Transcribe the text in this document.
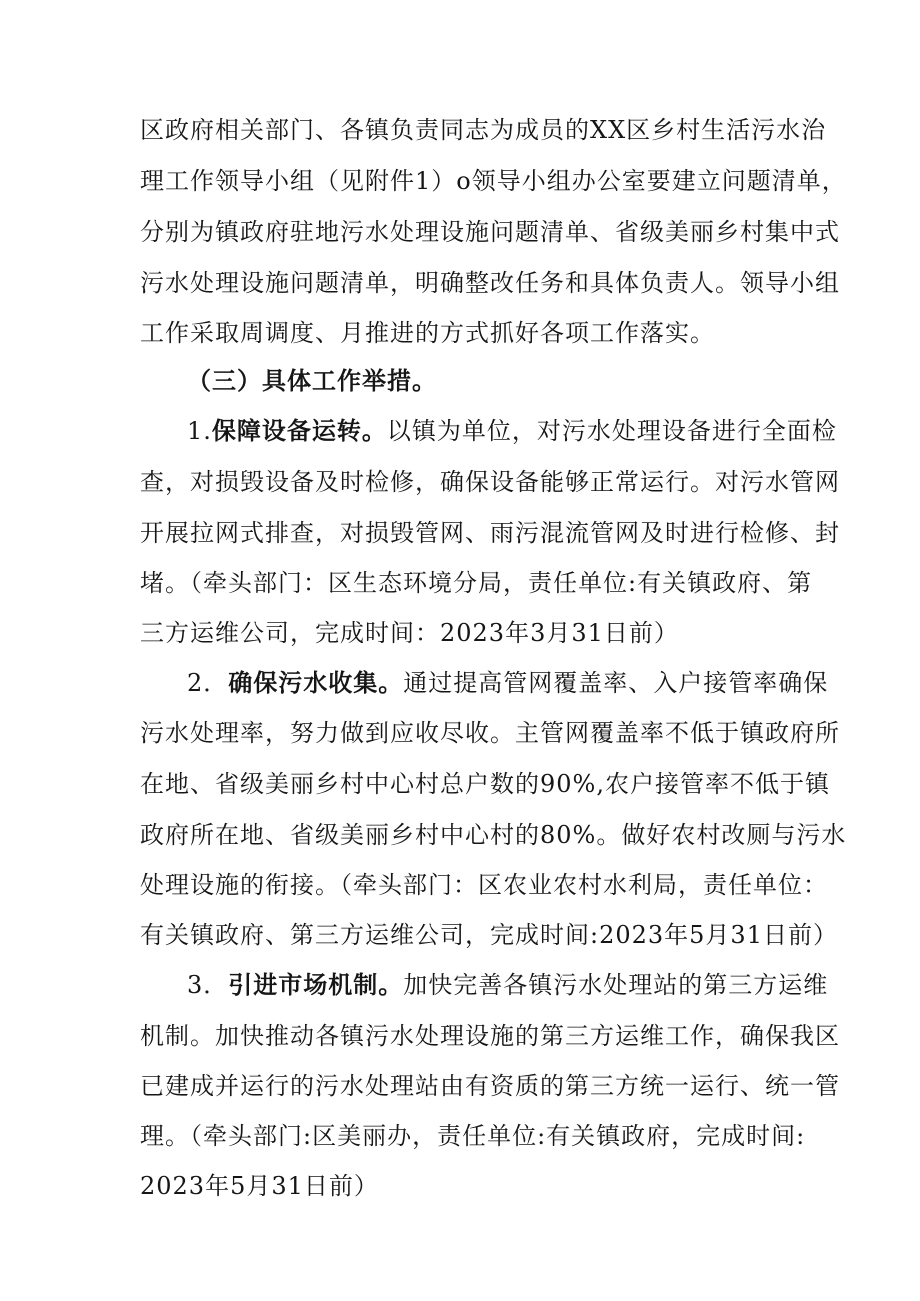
区政府相关部门、各镇负责同志为成员的XX区乡村生活污水治
理工作领导小组（见附件1）o领导小组办公室要建立问题清单，
分别为镇政府驻地污水处理设施问题清单、省级美丽乡村集中式
污水处理设施问题清单，明确整改任务和具体负责人。领导小组
工作采取周调度、月推进的方式抓好各项工作落实。
（三）具体工作举措。
1.保障设备运转。以镇为单位，对污水处理设备进行全面检
查，对损毁设备及时检修，确保设备能够正常运行。对污水管网
开展拉网式排查，对损毁管网、雨污混流管网及时进行检修、封
堵。（牵头部门：区生态环境分局，责任单位:有关镇政府、第
三方运维公司，完成时间：2023年3月31日前）
2．确保污水收集。通过提高管网覆盖率、入户接管率确保
污水处理率，努力做到应收尽收。主管网覆盖率不低于镇政府所
在地、省级美丽乡村中心村总户数的90%,农户接管率不低于镇
政府所在地、省级美丽乡村中心村的80%。做好农村改厕与污水
处理设施的衔接。（牵头部门：区农业农村水利局，责任单位：
有关镇政府、第三方运维公司，完成时间:2023年5月31日前）
3．引进市场机制。加快完善各镇污水处理站的第三方运维
机制。加快推动各镇污水处理设施的第三方运维工作，确保我区
已建成并运行的污水处理站由有资质的第三方统一运行、统一管
理。（牵头部门:区美丽办，责任单位:有关镇政府，完成时间:
2023年5月31日前）
